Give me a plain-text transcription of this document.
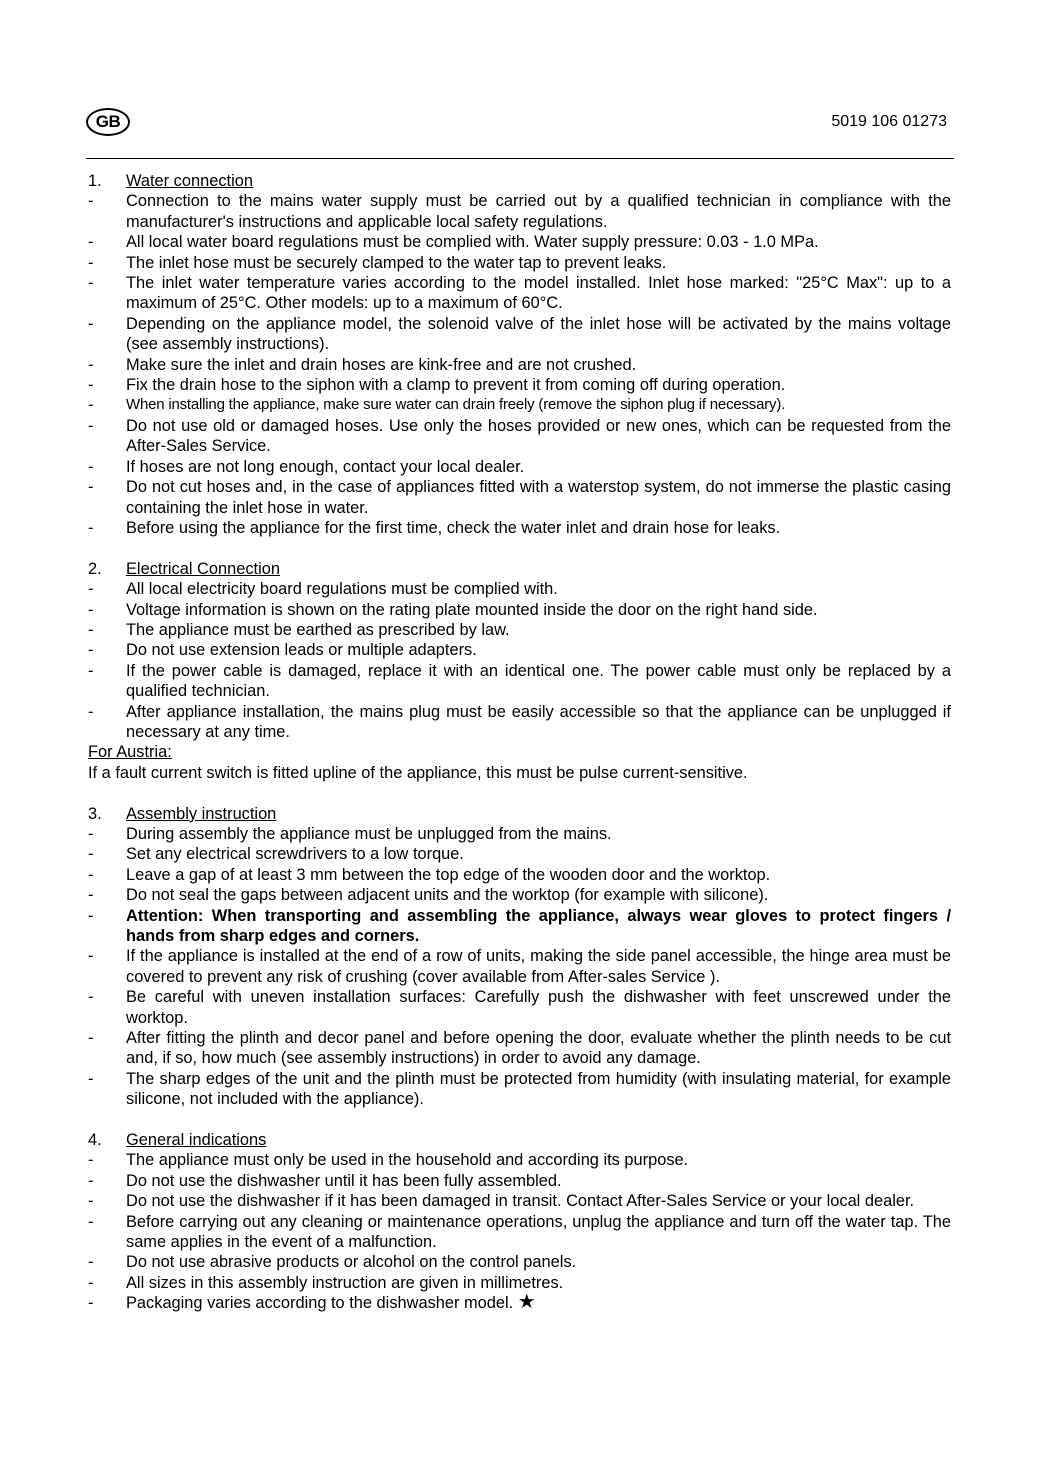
GB	5019 106 01273
1.	Water connection
-	Connection to the mains water supply must be carried out by a qualified technician in compliance with the manufacturer's instructions and applicable local safety regulations.
-	All local water board regulations must be complied with. Water supply pressure: 0.03 - 1.0 MPa.
-	The inlet hose must be securely clamped to the water tap to prevent leaks.
-	The inlet water temperature varies according to the model installed. Inlet hose marked: "25°C Max": up to a maximum of 25°C. Other models: up to a maximum of 60°C.
-	Depending on the appliance model, the solenoid valve of the inlet hose will be activated by the mains voltage (see assembly instructions).
-	Make sure the inlet and drain hoses are kink-free and are not crushed.
-	Fix the drain hose to the siphon with a clamp to prevent it from coming off during operation.
-	When installing the appliance, make sure water can drain freely (remove the siphon plug if necessary).
-	Do not use old or damaged hoses. Use only the hoses provided or new ones, which can be requested from the After-Sales Service.
-	If hoses are not long enough, contact your local dealer.
-	Do not cut hoses and, in the case of appliances fitted with a waterstop system, do not immerse the plastic casing containing the inlet hose in water.
-	Before using the appliance for the first time, check the water inlet and drain hose for leaks.
2.	Electrical Connection
-	All local electricity board regulations must be complied with.
-	Voltage information is shown on the rating plate mounted inside the door on the right hand side.
-	The appliance must be earthed as prescribed by law.
-	Do not use extension leads or multiple adapters.
-	If the power cable is damaged, replace it with an identical one. The power cable must only be replaced by a qualified technician.
-	After appliance installation, the mains plug must be easily accessible so that the appliance can be unplugged if necessary at any time.
For Austria:
If a fault current switch is fitted upline of the appliance, this must be pulse current-sensitive.
3.	Assembly instruction
-	During assembly the appliance must be unplugged from the mains.
-	Set any electrical screwdrivers to a low torque.
-	Leave a gap of at least 3 mm between the top edge of the wooden door and the worktop.
-	Do not seal the gaps between adjacent units and the worktop (for example with silicone).
-	Attention: When transporting and assembling the appliance, always wear gloves to protect fingers / hands from sharp edges and corners.
-	If the appliance is installed at the end of a row of units, making the side panel accessible, the hinge area must be covered to prevent any risk of crushing (cover available from After-sales Service ).
-	Be careful with uneven installation surfaces: Carefully push the dishwasher with feet unscrewed under the worktop.
-	After fitting the plinth and decor panel and before opening the door, evaluate whether the plinth needs to be cut and, if so, how much (see assembly instructions) in order to avoid any damage.
-	The sharp edges of the unit and the plinth must be protected from humidity (with insulating material, for example silicone, not included with the appliance).
4.	General indications
-	The appliance must only be used in the household and according its purpose.
-	Do not use the dishwasher until it has been fully assembled.
-	Do not use the dishwasher if it has been damaged in transit. Contact After-Sales Service or your local dealer.
-	Before carrying out any cleaning or maintenance operations, unplug the appliance and turn off the water tap. The same applies in the event of a malfunction.
-	Do not use abrasive products or alcohol on the control panels.
-	All sizes in this assembly instruction are given in millimetres.
-	Packaging varies according to the dishwasher model. ★
